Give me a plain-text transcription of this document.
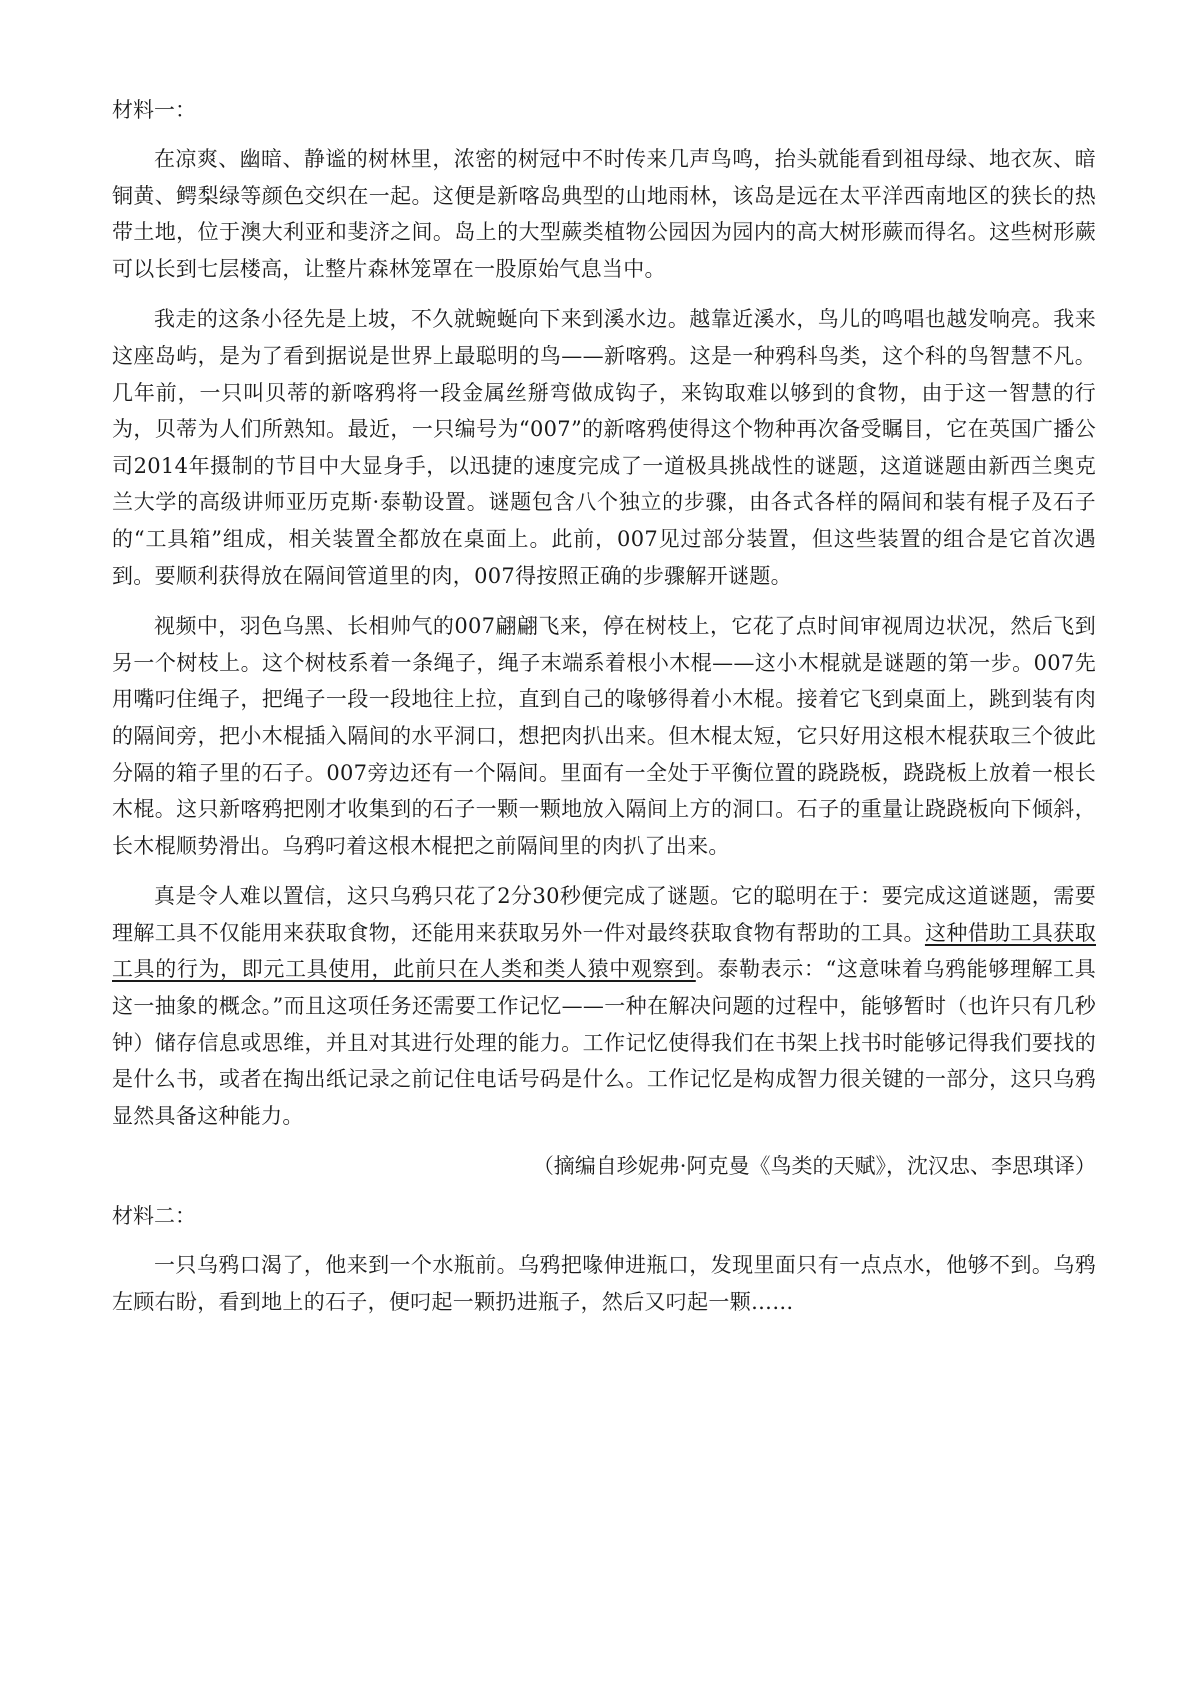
材料一：

在凉爽、幽暗、静谧的树林里，浓密的树冠中不时传来几声鸟鸣，抬头就能看到祖母绿、地衣灰、暗铜黄、鳄梨绿等颜色交织在一起。这便是新喀岛典型的山地雨林，该岛是远在太平洋西南地区的狭长的热带土地，位于澳大利亚和斐济之间。岛上的大型蕨类植物公园因为园内的高大树形蕨而得名。这些树形蕨可以长到七层楼高，让整片森林笼罩在一股原始气息当中。

我走的这条小径先是上坡，不久就蜿蜒向下来到溪水边。越靠近溪水，鸟儿的鸣唱也越发响亮。我来这座岛屿，是为了看到据说是世界上最聪明的鸟——新喀鸦。这是一种鸦科鸟类，这个科的鸟智慧不凡。几年前，一只叫贝蒂的新喀鸦将一段金属丝掰弯做成钩子，来钩取难以够到的食物，由于这一智慧的行为，贝蒂为人们所熟知。最近，一只编号为“007”的新喀鸦使得这个物种再次备受瞩目，它在英国广播公司2014年摄制的节目中大显身手，以迅捷的速度完成了一道极具挑战性的谜题，这道谜题由新西兰奥克兰大学的高级讲师亚历克斯·泰勒设置。谜题包含八个独立的步骤，由各式各样的隔间和装有棍子及石子的“工具箱”组成，相关装置全都放在桌面上。此前，007见过部分装置，但这些装置的组合是它首次遇到。要顺利获得放在隔间管道里的肉，007得按照正确的步骤解开谜题。

视频中，羽色乌黑、长相帅气的007翩翩飞来，停在树枝上，它花了点时间审视周边状况，然后飞到另一个树枝上。这个树枝系着一条绳子，绳子末端系着根小木棍——这小木棍就是谜题的第一步。007先用嘴叼住绳子，把绳子一段一段地往上拉，直到自己的喙够得着小木棍。接着它飞到桌面上，跳到装有肉的隔间旁，把小木棍插入隔间的水平洞口，想把肉扒出来。但木棍太短，它只好用这根木棍获取三个彼此分隔的箱子里的石子。007旁边还有一个隔间。里面有一全处于平衡位置的跷跷板，跷跷板上放着一根长木棍。这只新喀鸦把刚才收集到的石子一颗一颗地放入隔间上方的洞口。石子的重量让跷跷板向下倾斜，长木棍顺势滑出。乌鸦叼着这根木棍把之前隔间里的肉扒了出来。

真是令人难以置信，这只乌鸦只花了2分30秒便完成了谜题。它的聪明在于：要完成这道谜题，需要理解工具不仅能用来获取食物，还能用来获取另外一件对最终获取食物有帮助的工具。这种借助工具获取工具的行为，即元工具使用，此前只在人类和类人猿中观察到。泰勒表示：“这意味着乌鸦能够理解工具这一抽象的概念。”而且这项任务还需要工作记忆——一种在解决问题的过程中，能够暂时（也许只有几秒钟）储存信息或思维，并且对其进行处理的能力。工作记忆使得我们在书架上找书时能够记得我们要找的是什么书，或者在掏出纸记录之前记住电话号码是什么。工作记忆是构成智力很关键的一部分，这只乌鸦显然具备这种能力。

（摘编自珍妮弗·阿克曼《鸟类的天赋》，沈汉忠、李思琪译）
材料二：

一只乌鸦口渴了，他来到一个水瓶前。乌鸦把喙伸进瓶口，发现里面只有一点点水，他够不到。乌鸦左顾右盼，看到地上的石子，便叼起一颗扔进瓶子，然后又叼起一颗……
